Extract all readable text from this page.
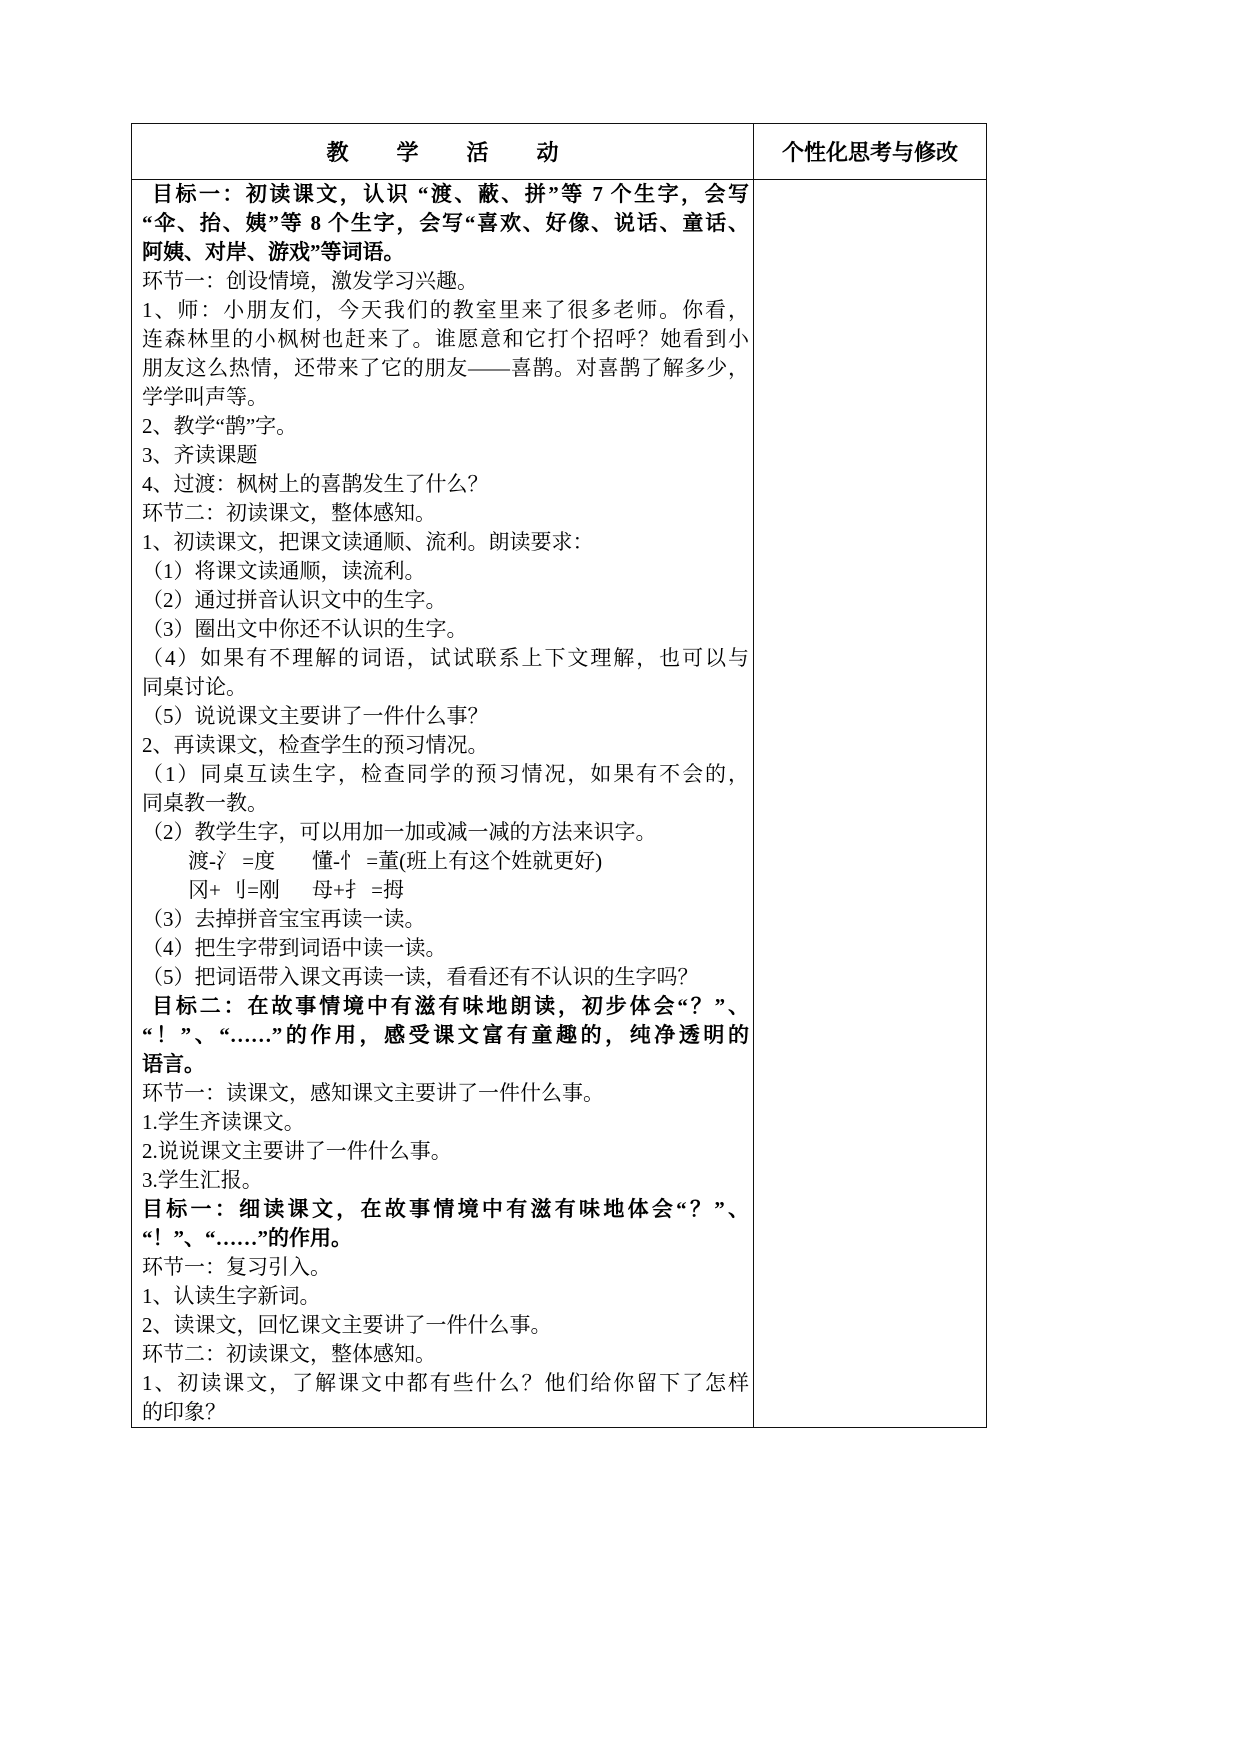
教　学　活　动	个性化思考与修改
目标一：初读课文，认识 “渡、蔽、拼”等 7 个生字，会写
“伞、抬、姨”等 8 个生字，会写“喜欢、好像、说话、童话、
阿姨、对岸、游戏”等词语。
环节一：创设情境，激发学习兴趣。
1、师：小朋友们，今天我们的教室里来了很多老师。你看，
连森林里的小枫树也赶来了。谁愿意和它打个招呼？她看到小
朋友这么热情，还带来了它的朋友——喜鹊。对喜鹊了解多少，
学学叫声等。
2、教学“鹊”字。
3、齐读课题
4、过渡：枫树上的喜鹊发生了什么？
环节二：初读课文，整体感知。
1、初读课文，把课文读通顺、流利。朗读要求：
（1）将课文读通顺，读流利。
（2）通过拼音认识文中的生字。
（3）圈出文中你还不认识的生字。
（4）如果有不理解的词语，试试联系上下文理解，也可以与
同桌讨论。
（5）说说课文主要讲了一件什么事？
2、再读课文，检查学生的预习情况。
（1）同桌互读生字，检查同学的预习情况，如果有不会的，
同桌教一教。
（2）教学生字，可以用加一加或减一减的方法来识字。
渡-氵 =度 懂-忄 =董(班上有这个姓就更好)
冈+ 刂=刚 母+扌 =拇
（3）去掉拼音宝宝再读一读。
（4）把生字带到词语中读一读。
（5）把词语带入课文再读一读，看看还有不认识的生字吗？
目标二：在故事情境中有滋有味地朗读，初步体会“？”、
“！”、“……”的作用，感受课文富有童趣的，纯净透明的
语言。
环节一：读课文，感知课文主要讲了一件什么事。
1.学生齐读课文。
2.说说课文主要讲了一件什么事。
3.学生汇报。
目标一：细读课文，在故事情境中有滋有味地体会“？”、
“！”、“……”的作用。
环节一：复习引入。
1、认读生字新词。
2、读课文，回忆课文主要讲了一件什么事。
环节二：初读课文，整体感知。
1、初读课文，了解课文中都有些什么？他们给你留下了怎样
的印象？
